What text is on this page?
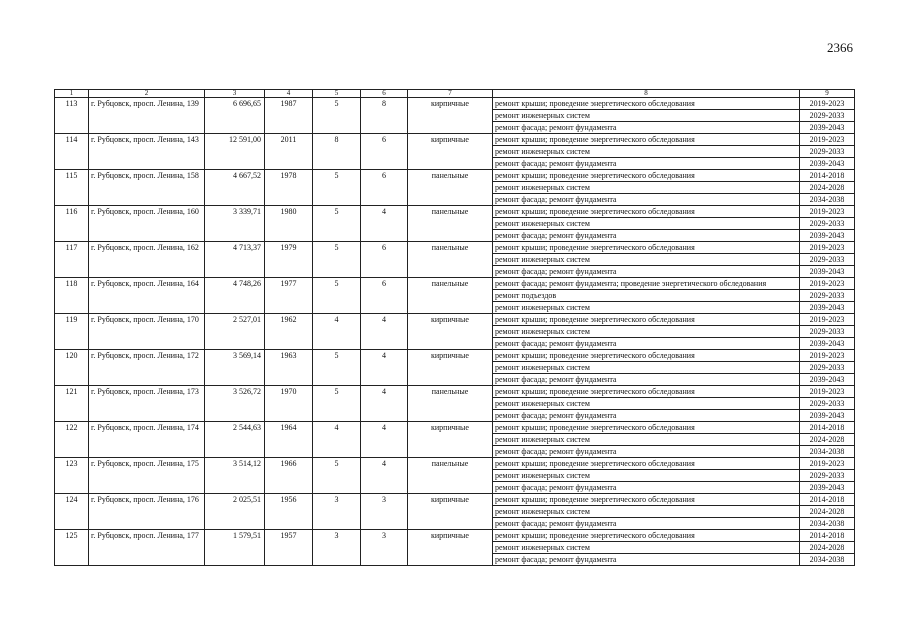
2366
1	2	3	4	5	6	7	8	9
113	г. Рубцовск, просп. Ленина, 139	6 696,65	1987	5	8	кирпичные	ремонт крыши; проведение энергетического обследования	2019-2023
							ремонт инженерных систем	2029-2033
							ремонт фасада; ремонт фундамента	2039-2043
114	г. Рубцовск, просп. Ленина, 143	12 591,00	2011	8	6	кирпичные	ремонт крыши; проведение энергетического обследования	2019-2023
							ремонт инженерных систем	2029-2033
							ремонт фасада; ремонт фундамента	2039-2043
115	г. Рубцовск, просп. Ленина, 158	4 667,52	1978	5	6	панельные	ремонт крыши; проведение энергетического обследования	2014-2018
							ремонт инженерных систем	2024-2028
							ремонт фасада; ремонт фундамента	2034-2038
116	г. Рубцовск, просп. Ленина, 160	3 339,71	1980	5	4	панельные	ремонт крыши; проведение энергетического обследования	2019-2023
							ремонт инженерных систем	2029-2033
							ремонт фасада; ремонт фундамента	2039-2043
117	г. Рубцовск, просп. Ленина, 162	4 713,37	1979	5	6	панельные	ремонт крыши; проведение энергетического обследования	2019-2023
							ремонт инженерных систем	2029-2033
							ремонт фасада; ремонт фундамента	2039-2043
118	г. Рубцовск, просп. Ленина, 164	4 748,26	1977	5	6	панельные	ремонт фасада; ремонт фундамента; проведение энергетического обследования	2019-2023
							ремонт подъездов	2029-2033
							ремонт инженерных систем	2039-2043
119	г. Рубцовск, просп. Ленина, 170	2 527,01	1962	4	4	кирпичные	ремонт крыши; проведение энергетического обследования	2019-2023
							ремонт инженерных систем	2029-2033
							ремонт фасада; ремонт фундамента	2039-2043
120	г. Рубцовск, просп. Ленина, 172	3 569,14	1963	5	4	кирпичные	ремонт крыши; проведение энергетического обследования	2019-2023
							ремонт инженерных систем	2029-2033
							ремонт фасада; ремонт фундамента	2039-2043
121	г. Рубцовск, просп. Ленина, 173	3 526,72	1970	5	4	панельные	ремонт крыши; проведение энергетического обследования	2019-2023
							ремонт инженерных систем	2029-2033
							ремонт фасада; ремонт фундамента	2039-2043
122	г. Рубцовск, просп. Ленина, 174	2 544,63	1964	4	4	кирпичные	ремонт крыши; проведение энергетического обследования	2014-2018
							ремонт инженерных систем	2024-2028
							ремонт фасада; ремонт фундамента	2034-2038
123	г. Рубцовск, просп. Ленина, 175	3 514,12	1966	5	4	панельные	ремонт крыши; проведение энергетического обследования	2019-2023
							ремонт инженерных систем	2029-2033
							ремонт фасада; ремонт фундамента	2039-2043
124	г. Рубцовск, просп. Ленина, 176	2 025,51	1956	3	3	кирпичные	ремонт крыши; проведение энергетического обследования	2014-2018
							ремонт инженерных систем	2024-2028
							ремонт фасада; ремонт фундамента	2034-2038
125	г. Рубцовск, просп. Ленина, 177	1 579,51	1957	3	3	кирпичные	ремонт крыши; проведение энергетического обследования	2014-2018
							ремонт инженерных систем	2024-2028
							ремонт фасада; ремонт фундамента	2034-2038
